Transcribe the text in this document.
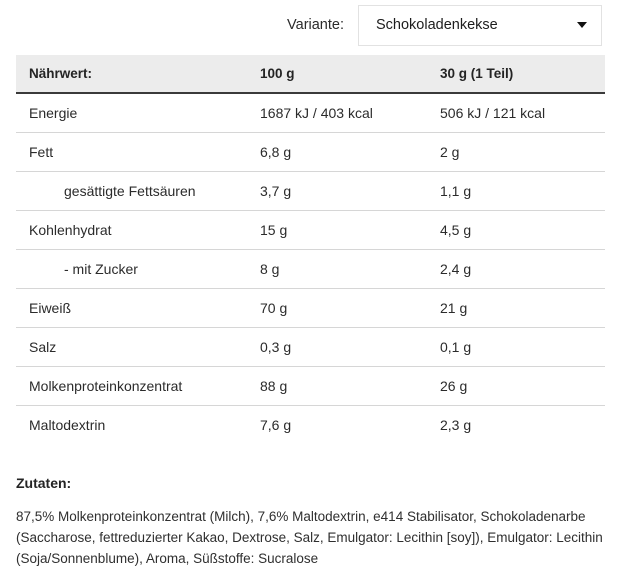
Variante: Schokoladenkekse
Nährwert:	100 g	30 g (1 Teil)
Energie	1687 kJ / 403 kcal	506 kJ / 121 kcal
Fett	6,8 g	2 g
gesättigte Fettsäuren	3,7 g	1,1 g
Kohlenhydrat	15 g	4,5 g
- mit Zucker	8 g	2,4 g
Eiweiß	70 g	21 g
Salz	0,3 g	0,1 g
Molkenproteinkonzentrat	88 g	26 g
Maltodextrin	7,6 g	2,3 g
Zutaten:
87,5% Molkenproteinkonzentrat (Milch), 7,6% Maltodextrin, e414 Stabilisator, Schokoladenarbe (Saccharose, fettreduzierter Kakao, Dextrose, Salz, Emulgator: Lecithin [soy]), Emulgator: Lecithin (Soja/Sonnenblume), Aroma, Süßstoffe: Sucralose
